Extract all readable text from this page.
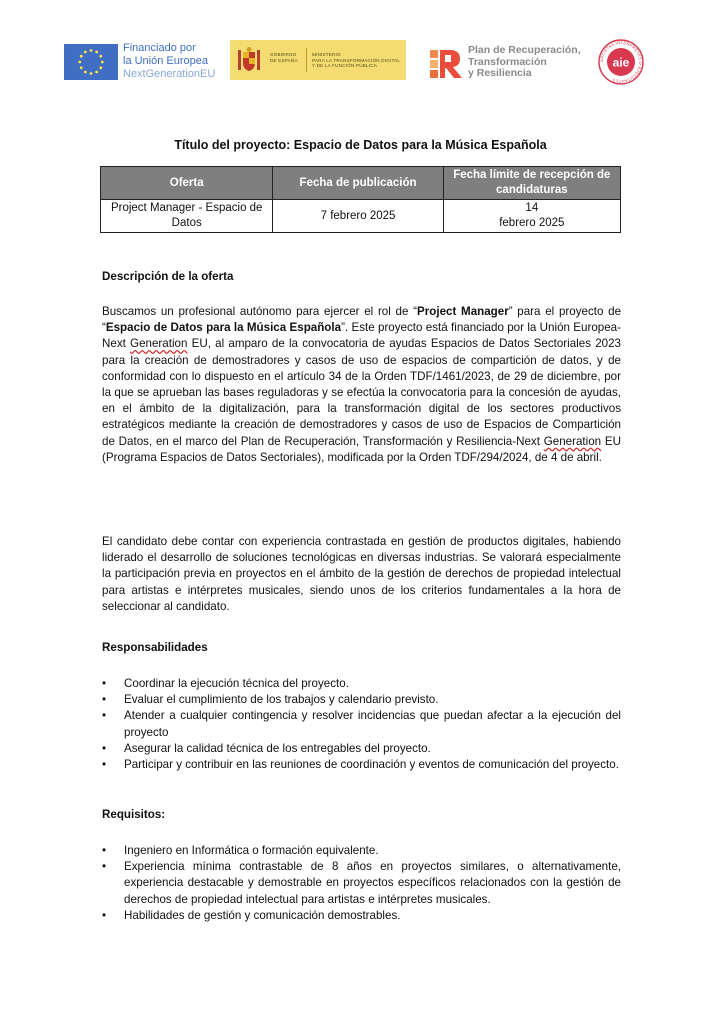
Financiado por
la Unión Europea
NextGenerationEU
GOBIERNO
DE ESPAÑA
MINISTERIO
PARA LA TRANSFORMACIÓN DIGITAL
Y DE LA FUNCIÓN PÚBLICA
Plan de Recuperación,
Transformación
y Resiliencia
aie
ARTISTAS INTÉRPRETES O EJECUTANTES
Título del proyecto: Espacio de Datos para la Música Española
Oferta	Fecha de publicación	Fecha límite de recepción de candidaturas
Project Manager - Espacio de Datos	7 febrero 2025	14
febrero 2025
Descripción de la oferta
Buscamos un profesional autónomo para ejercer el rol de “Project Manager” para el proyecto de “Espacio de Datos para la Música Española”. Este proyecto está financiado por la Unión Europea-Next Generation EU, al amparo de la convocatoria de ayudas Espacios de Datos Sectoriales 2023 para la creación de demostradores y casos de uso de espacios de compartición de datos, y de conformidad con lo dispuesto en el artículo 34 de la Orden TDF/1461/2023, de 29 de diciembre, por la que se aprueban las bases reguladoras y se efectúa la convocatoria para la concesión de ayudas, en el ámbito de la digitalización, para la transformación digital de los sectores productivos estratégicos mediante la creación de demostradores y casos de uso de Espacios de Compartición de Datos, en el marco del Plan de Recuperación, Transformación y Resiliencia-Next Generation EU (Programa Espacios de Datos Sectoriales), modificada por la Orden TDF/294/2024, de 4 de abril.
El candidato debe contar con experiencia contrastada en gestión de productos digitales, habiendo liderado el desarrollo de soluciones tecnológicas en diversas industrias. Se valorará especialmente la participación previa en proyectos en el ámbito de la gestión de derechos de propiedad intelectual para artistas e intérpretes musicales, siendo unos de los criterios fundamentales a la hora de seleccionar al candidato.
Responsabilidades
• Coordinar la ejecución técnica del proyecto.
• Evaluar el cumplimiento de los trabajos y calendario previsto.
• Atender a cualquier contingencia y resolver incidencias que puedan afectar a la ejecución del proyecto
• Asegurar la calidad técnica de los entregables del proyecto.
• Participar y contribuir en las reuniones de coordinación y eventos de comunicación del proyecto.
Requisitos:
• Ingeniero en Informática o formación equivalente.
• Experiencia mínima contrastable de 8 años en proyectos similares, o alternativamente, experiencia destacable y demostrable en proyectos específicos relacionados con la gestión de derechos de propiedad intelectual para artistas e intérpretes musicales.
• Habilidades de gestión y comunicación demostrables.
